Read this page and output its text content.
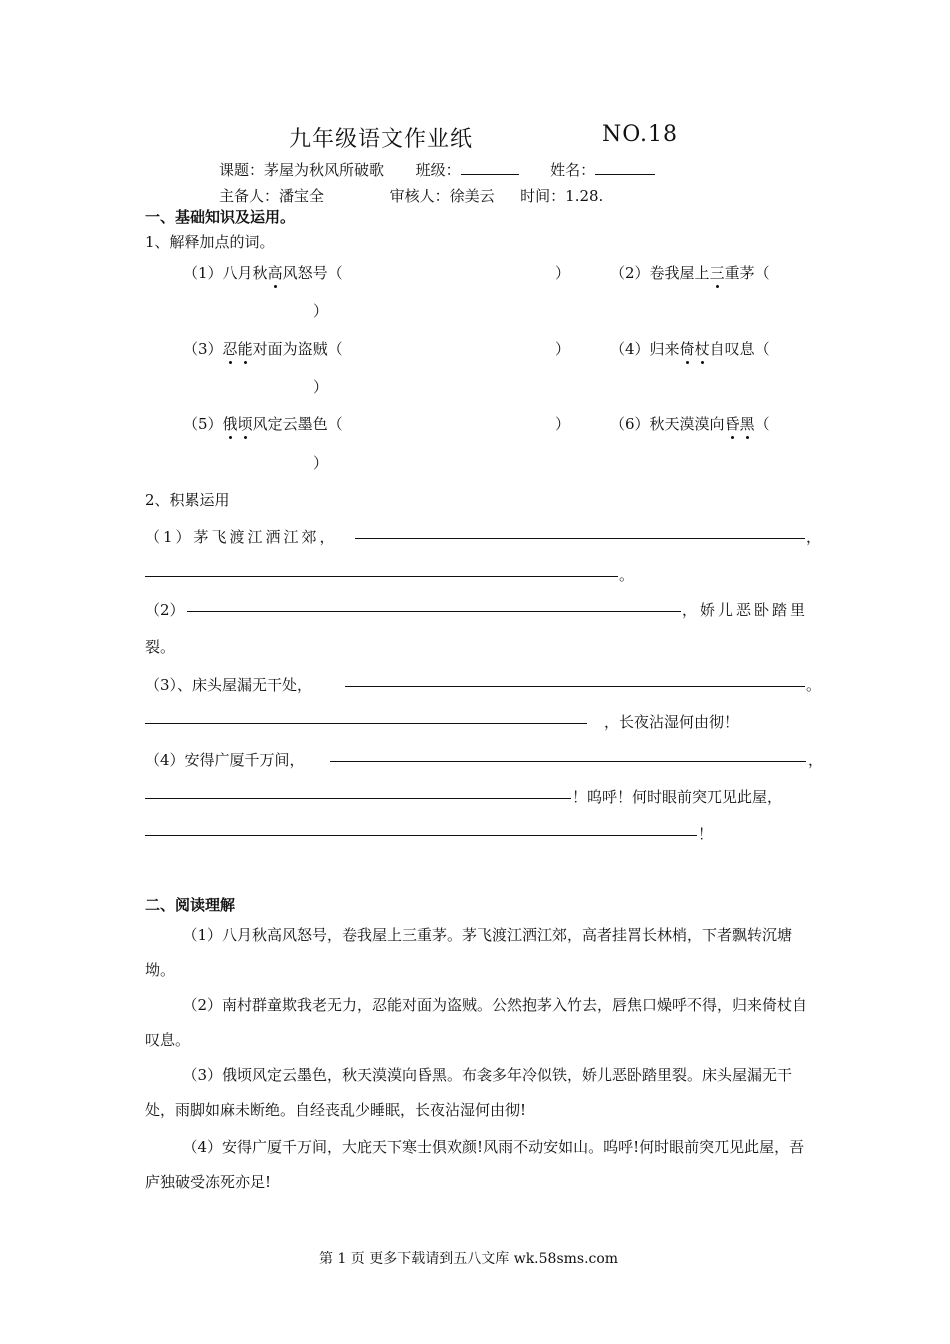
九年级语文作业纸	NO.18
课题：茅屋为秋风所破歌 班级：	姓名：
主备人：潘宝全	审核人：徐美云 时间：1.28.
一、基础知识及运用。
1、解释加点的词。
（1）八月秋高风怒号（	）	（2）卷我屋上三重茅（
）
（3）忍能对面为盗贼（	）	（4）归来倚杖自叹息（
）
（5）俄顷风定云墨色（	）	（6）秋天漠漠向昏黑（
）
2、积累运用
（1）茅飞渡江洒江郊，	，
。
（2）	，娇儿恶卧踏里
裂。
（3）、床头屋漏无干处，	。
，长夜沾湿何由彻！
（4）安得广厦千万间，	，
！呜呼！何时眼前突兀见此屋，
！
二、阅读理解
（1）八月秋高风怒号，卷我屋上三重茅。茅飞渡江洒江郊，高者挂罥长林梢，下者飘转沉塘坳。
（2）南村群童欺我老无力，忍能对面为盗贼。公然抱茅入竹去，唇焦口燥呼不得，归来倚杖自叹息。
（3）俄顷风定云墨色，秋天漠漠向昏黑。布衾多年冷似铁，娇儿恶卧踏里裂。床头屋漏无干处，雨脚如麻未断绝。自经丧乱少睡眠，长夜沾湿何由彻!
（4）安得广厦千万间，大庇天下寒士俱欢颜!风雨不动安如山。呜呼!何时眼前突兀见此屋，吾庐独破受冻死亦足!
第 1 页 更多下载请到五八文库 wk.58sms.com
